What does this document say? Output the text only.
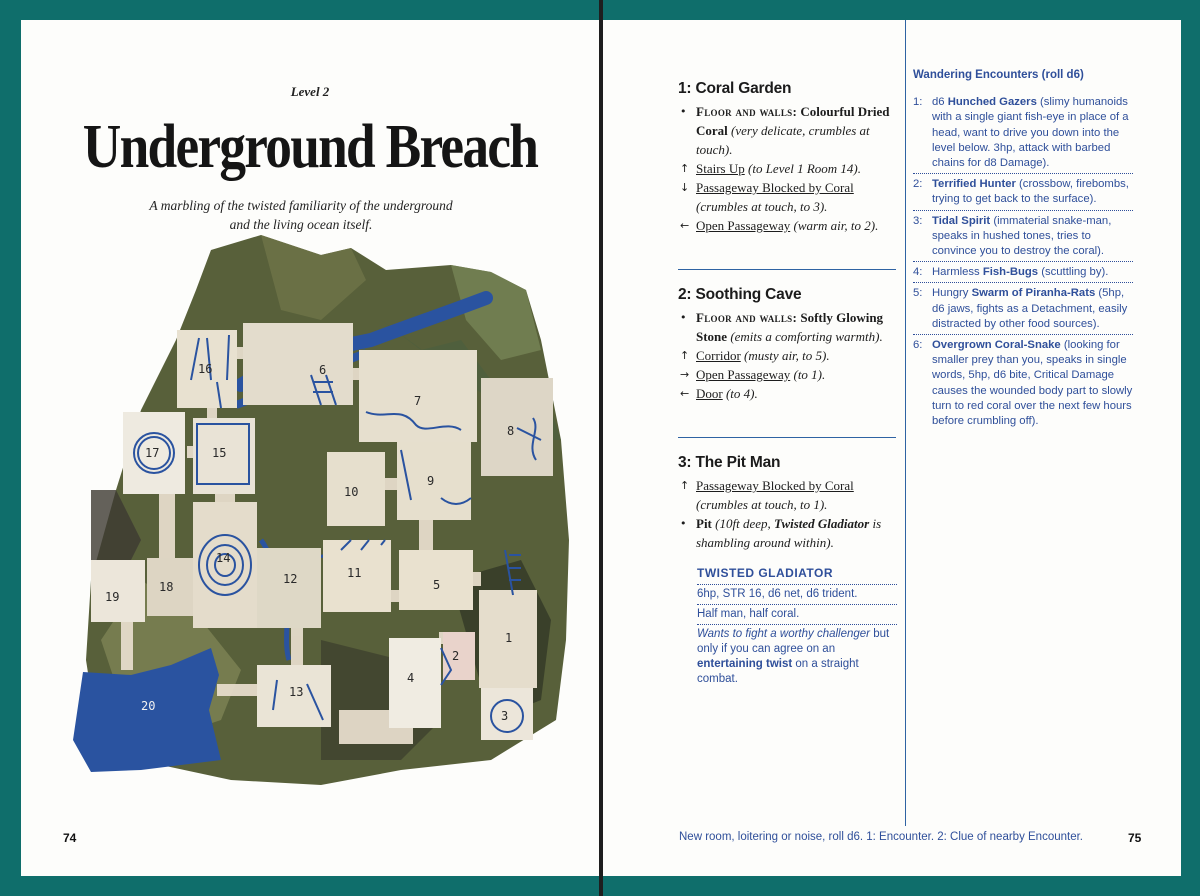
Level 2
Underground Breach
A marbling of the twisted familiarity of the underground and the living ocean itself.
1
2
3
4
5
6
7
8
9
10
11
12
13
14
15
16
17
18
19
20
74
1: Coral Garden
• Floor and walls: Colourful Dried Coral (very delicate, crumbles at touch).
↑ Stairs Up (to Level 1 Room 14).
↓ Passageway Blocked by Coral (crumbles at touch, to 3).
← Open Passageway (warm air, to 2).
2: Soothing Cave
• Floor and walls: Softly Glowing Stone (emits a comforting warmth).
↑ Corridor (musty air, to 5).
→ Open Passageway (to 1).
← Door (to 4).
3: The Pit Man
↑ Passageway Blocked by Coral (crumbles at touch, to 1).
• Pit (10ft deep, Twisted Gladiator is shambling around within).
TWISTED GLADIATOR
6hp, STR 16, d6 net, d6 trident.
Half man, half coral.
Wants to fight a worthy challenger but only if you can agree on an entertaining twist on a straight combat.
Wandering Encounters (roll d6)
1: d6 Hunched Gazers (slimy humanoids with a single giant fish-eye in place of a head, want to drive you down into the level below. 3hp, attack with barbed chains for d8 Damage).
2: Terrified Hunter (crossbow, firebombs, trying to get back to the surface).
3: Tidal Spirit (immaterial snake-man, speaks in hushed tones, tries to convince you to destroy the coral).
4: Harmless Fish-Bugs (scuttling by).
5: Hungry Swarm of Piranha-Rats (5hp, d6 jaws, fights as a Detachment, easily distracted by other food sources).
6: Overgrown Coral-Snake (looking for smaller prey than you, speaks in single words, 5hp, d6 bite, Critical Damage causes the wounded body part to slowly turn to red coral over the next few hours before crumbling off).
New room, loitering or noise, roll d6. 1: Encounter. 2: Clue of nearby Encounter.	75
